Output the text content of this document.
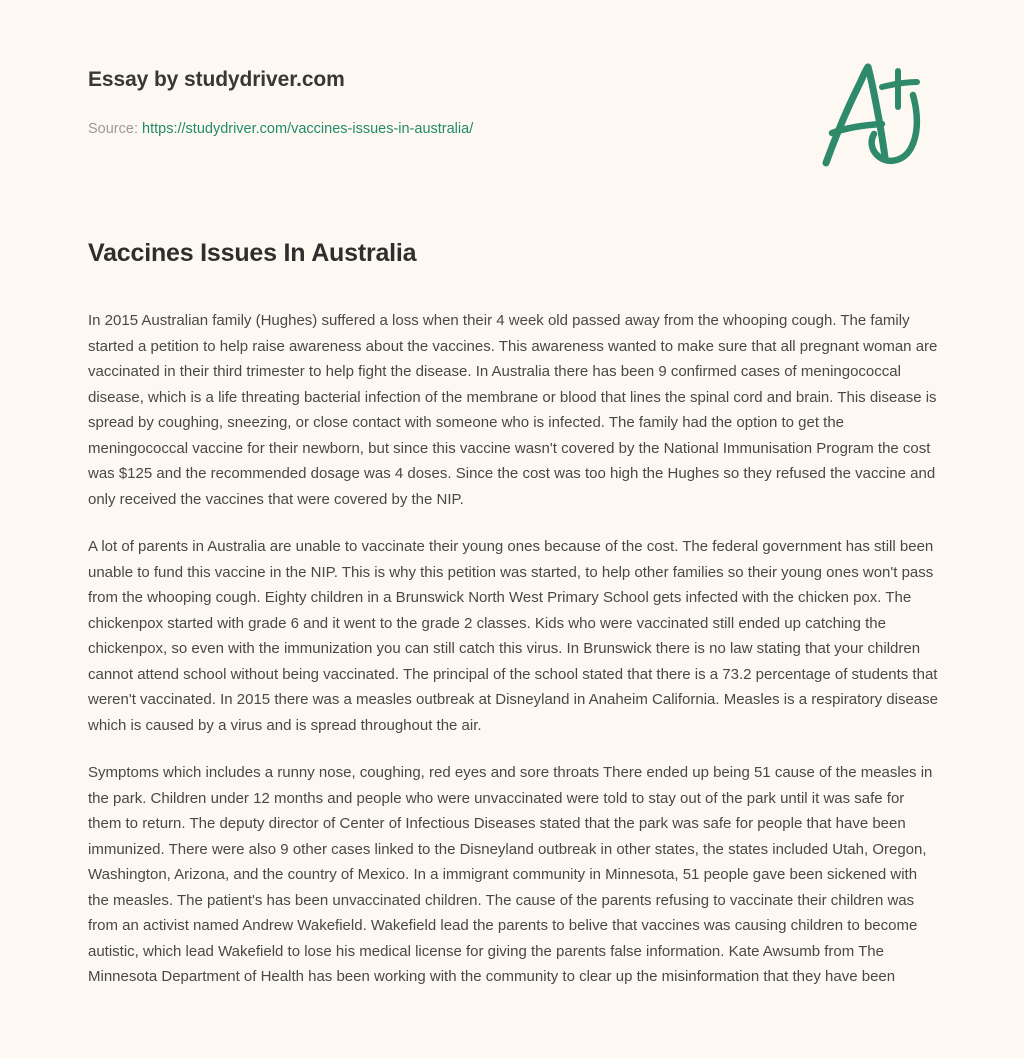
Essay by studydriver.com
Source: https://studydriver.com/vaccines-issues-in-australia/
Vaccines Issues In Australia

In 2015 Australian family (Hughes) suffered a loss when their 4 week old passed away from the whooping cough. The family started a petition to help raise awareness about the vaccines. This awareness wanted to make sure that all pregnant woman are vaccinated in their third trimester to help fight the disease. In Australia there has been 9 confirmed cases of meningococcal disease, which is a life threating bacterial infection of the membrane or blood that lines the spinal cord and brain. This disease is spread by coughing, sneezing, or close contact with someone who is infected. The family had the option to get the meningococcal vaccine for their newborn, but since this vaccine wasn't covered by the National Immunisation Program the cost was $125 and the recommended dosage was 4 doses. Since the cost was too high the Hughes so they refused the vaccine and only received the vaccines that were covered by the NIP.

A lot of parents in Australia are unable to vaccinate their young ones because of the cost. The federal government has still been unable to fund this vaccine in the NIP. This is why this petition was started, to help other families so their young ones won't pass from the whooping cough. Eighty children in a Brunswick North West Primary School gets infected with the chicken pox. The chickenpox started with grade 6 and it went to the grade 2 classes. Kids who were vaccinated still ended up catching the chickenpox, so even with the immunization you can still catch this virus. In Brunswick there is no law stating that your children cannot attend school without being vaccinated. The principal of the school stated that there is a 73.2 percentage of students that weren't vaccinated. In 2015 there was a measles outbreak at Disneyland in Anaheim California. Measles is a respiratory disease which is caused by a virus and is spread throughout the air.

Symptoms which includes a runny nose, coughing, red eyes and sore throats There ended up being 51 cause of the measles in the park. Children under 12 months and people who were unvaccinated were told to stay out of the park until it was safe for them to return. The deputy director of Center of Infectious Diseases stated that the park was safe for people that have been immunized. There were also 9 other cases linked to the Disneyland outbreak in other states, the states included Utah, Oregon, Washington, Arizona, and the country of Mexico. In a immigrant community in Minnesota, 51 people gave been sickened with the measles. The patient's has been unvaccinated children. The cause of the parents refusing to vaccinate their children was from an activist named Andrew Wakefield. Wakefield lead the parents to belive that vaccines was causing children to become autistic, which lead Wakefield to lose his medical license for giving the parents false information. Kate Awsumb from The Minnesota Department of Health has been working with the community to clear up the misinformation that they have been
